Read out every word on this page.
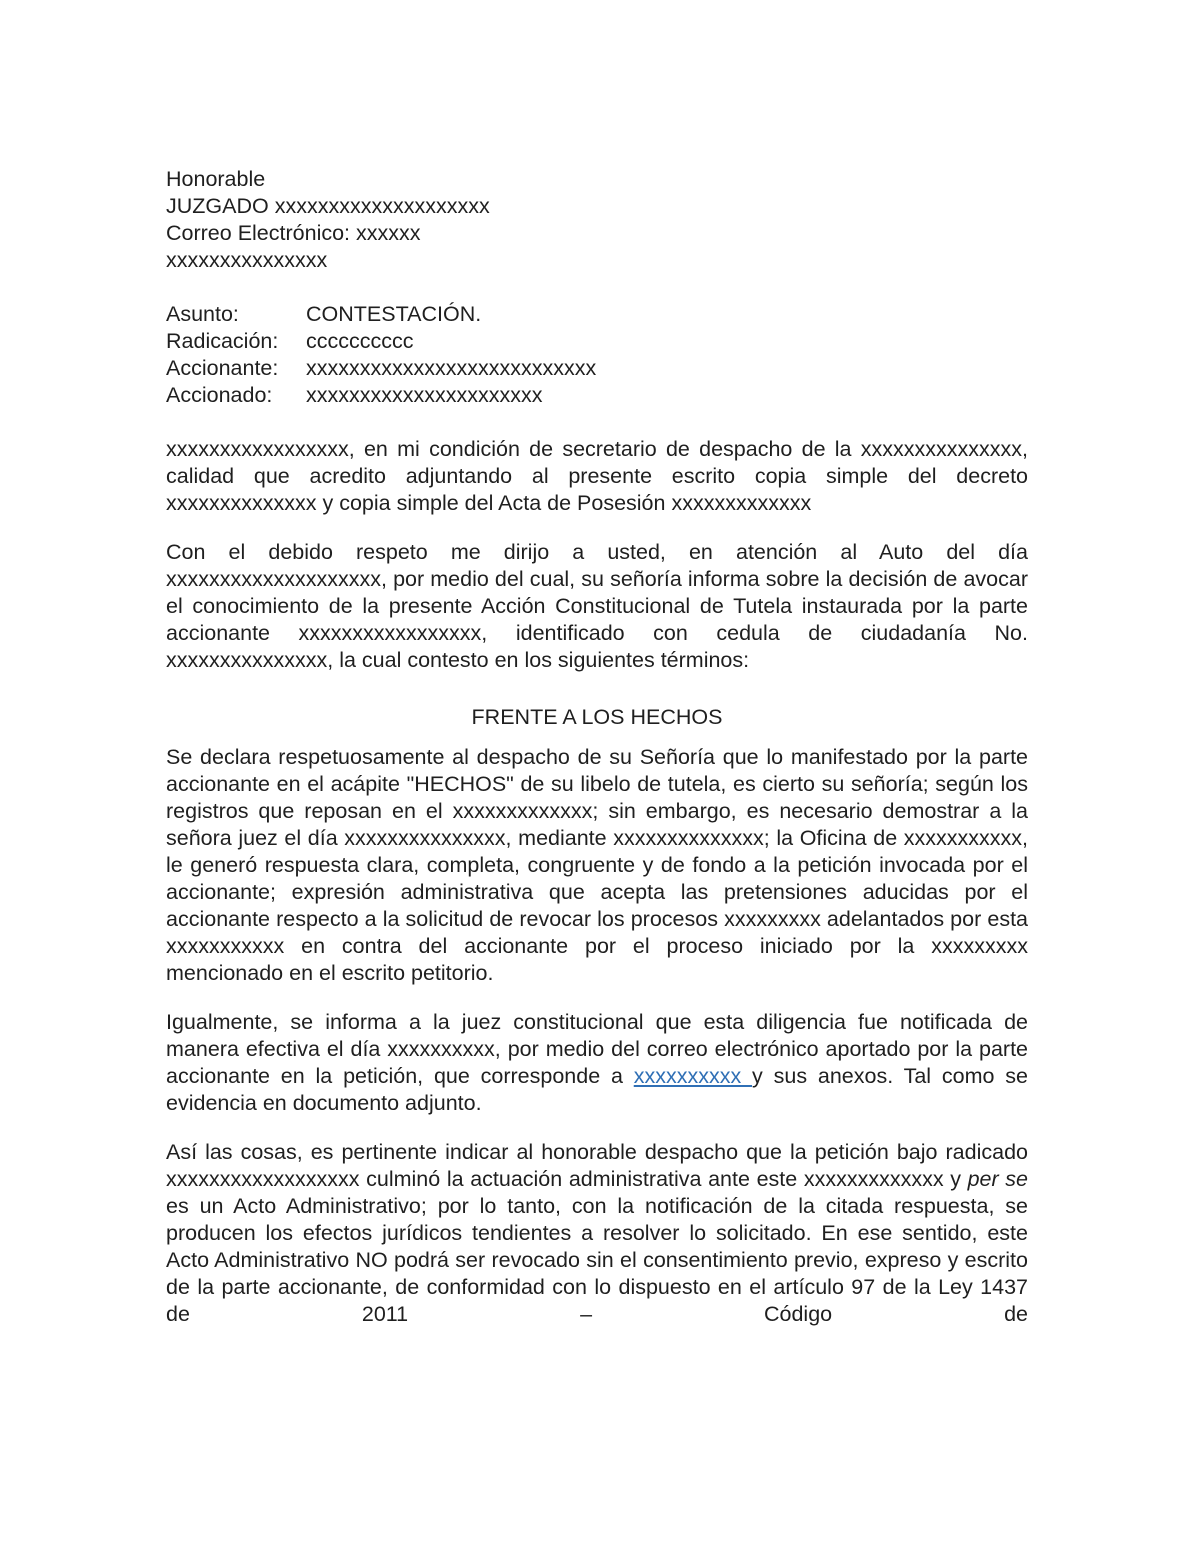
Honorable
JUZGADO xxxxxxxxxxxxxxxxxxxx
Correo Electrónico: xxxxxx
xxxxxxxxxxxxxxx
Asunto:	CONTESTACIÓN.
Radicación:	cccccccccc
Accionante:	xxxxxxxxxxxxxxxxxxxxxxxxxxx
Accionado:	xxxxxxxxxxxxxxxxxxxxxx

xxxxxxxxxxxxxxxxx, en mi condición de secretario de despacho de la xxxxxxxxxxxxxxx, calidad que acredito adjuntando al presente escrito copia simple del decreto xxxxxxxxxxxxxx y copia simple del Acta de Posesión xxxxxxxxxxxxx

Con el debido respeto me dirijo a usted, en atención al Auto del día xxxxxxxxxxxxxxxxxxxx, por medio del cual, su señoría informa sobre la decisión de avocar el conocimiento de la presente Acción Constitucional de Tutela instaurada por la parte accionante xxxxxxxxxxxxxxxxx, identificado con cedula de ciudadanía No. xxxxxxxxxxxxxxx, la cual contesto en los siguientes términos:

FRENTE A LOS HECHOS

Se declara respetuosamente al despacho de su Señoría que lo manifestado por la parte accionante en el acápite "HECHOS" de su libelo de tutela, es cierto su señoría; según los registros que reposan en el xxxxxxxxxxxxx; sin embargo, es necesario demostrar a la señora juez el día xxxxxxxxxxxxxxx, mediante xxxxxxxxxxxxxx; la Oficina de xxxxxxxxxxx, le generó respuesta clara, completa, congruente y de fondo a la petición invocada por el accionante; expresión administrativa que acepta las pretensiones aducidas por el accionante respecto a la solicitud de revocar los procesos xxxxxxxxx adelantados por esta xxxxxxxxxxx en contra del accionante por el proceso iniciado por la xxxxxxxxx mencionado en el escrito petitorio.

Igualmente, se informa a la juez constitucional que esta diligencia fue notificada de manera efectiva el día xxxxxxxxxx, por medio del correo electrónico aportado por la parte accionante en la petición, que corresponde a xxxxxxxxxx y sus anexos. Tal como se evidencia en documento adjunto.

Así las cosas, es pertinente indicar al honorable despacho que la petición bajo radicado xxxxxxxxxxxxxxxxxx culminó la actuación administrativa ante este xxxxxxxxxxxxx y per se es un Acto Administrativo; por lo tanto, con la notificación de la citada respuesta, se producen los efectos jurídicos tendientes a resolver lo solicitado. En ese sentido, este Acto Administrativo NO podrá ser revocado sin el consentimiento previo, expreso y escrito de la parte accionante, de conformidad con lo dispuesto en el artículo 97 de la Ley 1437 de 2011 – Código de
